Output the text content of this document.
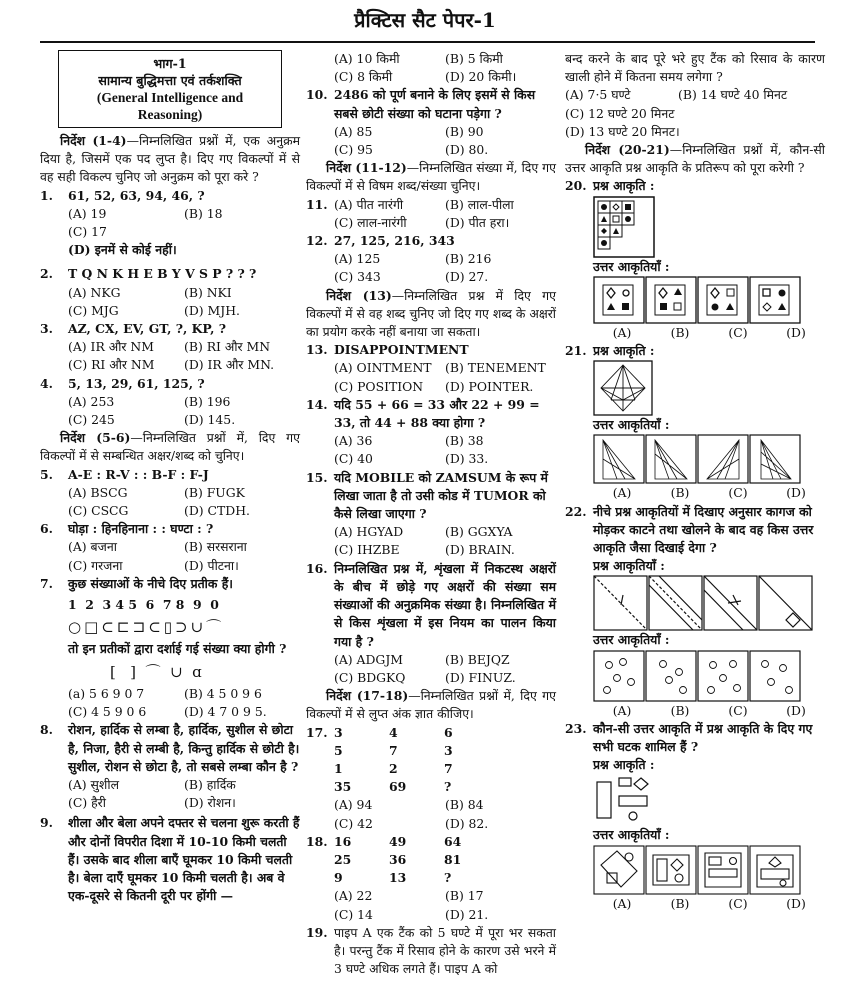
प्रैक्टिस सैट पेपर-1
भाग-1
सामान्य बुद्धिमत्ता एवं तर्कशक्ति
(General Intelligence and Reasoning)
निर्देश (1-4)—निम्नलिखित प्रश्नों में, एक अनुक्रम दिया है, जिसमें एक पद लुप्त है। दिए गए विकल्पों में से वह सही विकल्प चुनिए जो अनुक्रम को पूरा करे ?
1.	61, 52, 63, 94, 46, ?
(A) 19	(B) 18
(C) 17
(D) इनमें से कोई नहीं।
2.	T Q N K H E B Y V S P ? ? ?
(A) NKG	(B) NKI
(C) MJG	(D) MJH.
3.	AZ, CX, EV, GT, ?, KP, ?
(A) IR और NM	(B) RI और MN
(C) RI और NM	(D) IR और MN.
4.	5, 13, 29, 61, 125, ?
(A) 253	(B) 196
(C) 245	(D) 145.
निर्देश (5-6)—निम्नलिखित प्रश्नों में, दिए गए विकल्पों में से सम्बन्धित अक्षर/शब्द को चुनिए।
5.	A-E : R-V : : B-F : F-J
(A) BSCG	(B) FUGK
(C) CSCG	(D) CTDH.
6.	घोड़ा : हिनहिनाना : : घण्टा : ?
(A) बजना	(B) सरसराना
(C) गरजना	(D) पीटना।
7.	कुछ संख्याओं के नीचे दिए प्रतीक हैं।
1  2  3 4 5  6  7 8  9  0
○□⊂⊏⊐⊂▯⊃∪⌒
तो इन प्रतीकों द्वारा दर्शाई गई संख्या क्या होगी ?
[   ]  ⌒  ∪  ɑ
(a) 5 6 9 0 7	(B) 4 5 0 9 6
(C) 4 5 9 0 6	(D) 4 7 0 9 5.
8.	रोशन, हार्दिक से लम्बा है, हार्दिक, सुशील से छोटा है, निजा, हैरी से लम्बी है, किन्तु हार्दिक से छोटी है। सुशील, रोशन से छोटा है, तो सबसे लम्बा कौन है ?
(A) सुशील	(B) हार्दिक
(C) हैरी	(D) रोशन।
9.	शीला और बेला अपने दफ्तर से चलना शुरू करती हैं और दोनों विपरीत दिशा में 10-10 किमी चलती हैं। उसके बाद शीला बाएँ घूमकर 10 किमी चलती है। बेला दाएँ घूमकर 10 किमी चलती है। अब वे एक-दूसरे से कितनी दूरी पर होंगी —
(A) 10 किमी	(B) 5 किमी
(C) 8 किमी	(D) 20 किमी।
10. 2486 को पूर्ण बनाने के लिए इसमें से किस सबसे छोटी संख्या को घटाना पड़ेगा ?
(A) 85	(B) 90
(C) 95	(D) 80.
निर्देश (11-12)—निम्नलिखित संख्या में, दिए गए विकल्पों में से विषम शब्द/संख्या चुनिए।
11. (A) पीत नारंगी	(B) लाल-पीला
(C) लाल-नारंगी	(D) पीत हरा।
12. 27, 125, 216, 343
(A) 125	(B) 216
(C) 343	(D) 27.
निर्देश (13)—निम्नलिखित प्रश्न में दिए गए विकल्पों में से वह शब्द चुनिए जो दिए गए शब्द के अक्षरों का प्रयोग करके नहीं बनाया जा सकता।
13. DISAPPOINTMENT
(A) OINTMENT	(B) TENEMENT
(C) POSITION	(D) POINTER.
14. यदि 55 + 66 = 33 और 22 + 99 = 33, तो 44 + 88 क्या होगा ?
(A) 36	(B) 38
(C) 40	(D) 33.
15. यदि MOBILE को ZAMSUM के रूप में लिखा जाता है तो उसी कोड में TUMOR को कैसे लिखा जाएगा ?
(A) HGYAD	(B) GGXYA
(C) IHZBE	(D) BRAIN.
16. निम्नलिखित प्रश्न में, शृंखला में निकटस्थ अक्षरों के बीच में छोड़े गए अक्षरों की संख्या सम संख्याओं की अनुक्रमिक संख्या है। निम्नलिखित में से किस शृंखला में इस नियम का पालन किया गया है ?
(A) ADGJM	(B) BEJQZ
(C) BDGKQ	(D) FINUZ.
निर्देश (17-18)—निम्नलिखित प्रश्नों में, दिए गए विकल्पों में से लुप्त अंक ज्ञात कीजिए।
17. 3	4	6
5	7	3
1	2	7
35	69	?
(A) 94	(B) 84
(C) 42	(D) 82.
18. 16	49	64
25	36	81
9	13	?
(A) 22	(B) 17
(C) 14	(D) 21.
19. पाइप A एक टैंक को 5 घण्टे में पूरा भर सकता है। परन्तु टैंक में रिसाव होने के कारण उसे भरने में 3 घण्टे अधिक लगते हैं। पाइप A को
बन्द करने के बाद पूरे भरे हुए टैंक को रिसाव के कारण खाली होने में कितना समय लगेगा ?
(A) 7·5 घण्टे	(B) 14 घण्टे 40 मिनट
(C) 12 घण्टे 20 मिनट
(D) 13 घण्टे 20 मिनट।
निर्देश (20-21)—निम्नलिखित प्रश्नों में, कौन-सी उत्तर आकृति प्रश्न आकृति के प्रतिरूप को पूरा करेगी ?
20. प्रश्न आकृति :
उत्तर आकृतियाँ :
(A)	(B)	(C)	(D)
21. प्रश्न आकृति :
उत्तर आकृतियाँ :
(A)	(B)	(C)	(D)
22. नीचे प्रश्न आकृतियों में दिखाए अनुसार कागज को मोड़कर काटने तथा खोलने के बाद वह किस उत्तर आकृति जैसा दिखाई देगा ?
प्रश्न आकृतियाँ :
उत्तर आकृतियाँ :
(A)	(B)	(C)	(D)
23. कौन-सी उत्तर आकृति में प्रश्न आकृति के दिए गए सभी घटक शामिल हैं ?
प्रश्न आकृति :
उत्तर आकृतियाँ :
(A)	(B)	(C)	(D)
